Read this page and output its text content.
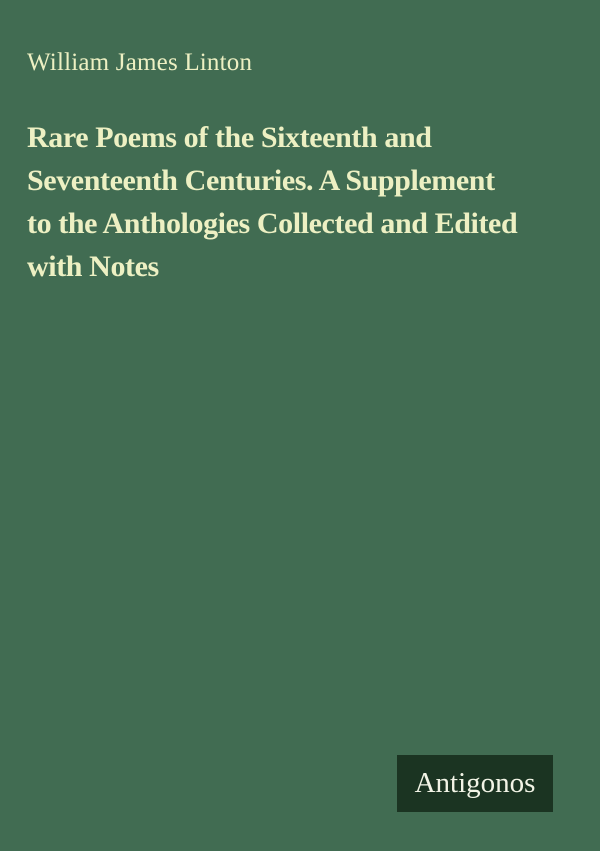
William James Linton
Rare Poems of the Sixteenth and
Seventeenth Centuries. A Supplement
to the Anthologies Collected and Edited
with Notes
Antigonos
